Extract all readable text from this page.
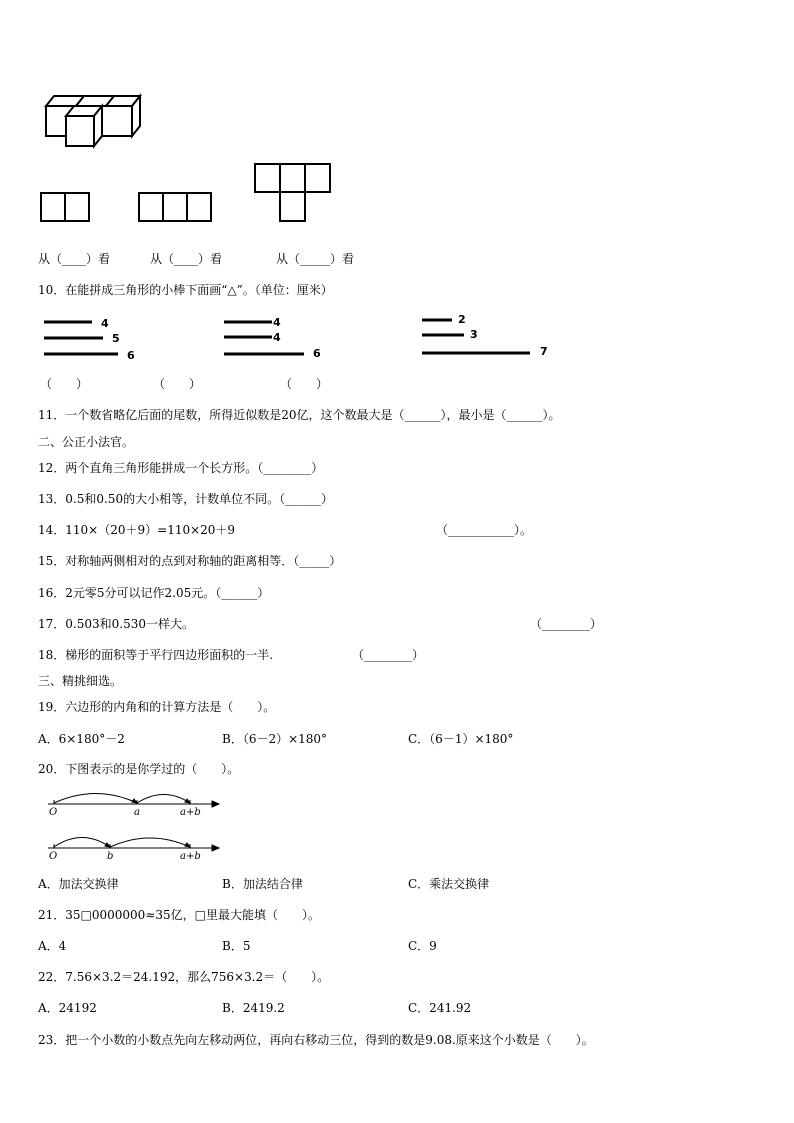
从（____）看	从（____）看	从（_____）看
10．在能拼成三角形的小棒下面画“△”。（单位：厘米）
4
5
6
4
4
6
2
3
7
（　　）	（　　）	（　　）
11．一个数省略亿后面的尾数，所得近似数是20亿，这个数最大是（______），最小是（______）。
二、公正小法官。
12．两个直角三角形能拼成一个长方形。（________）
13．0.5和0.50的大小相等，计数单位不同。（______）
14．110×（20＋9）=110×20＋9	（___________）。
15．对称轴两侧相对的点到对称轴的距离相等．（_____）
16．2元零5分可以记作2.05元。（______）
17．0.503和0.530一样大。	（________）
18．梯形的面积等于平行四边形面积的一半.	（________）
三、精挑细选。
19．六边形的内角和的计算方法是（　　）。
A．6×180°－2	B．（6－2）×180°	C．（6－1）×180°
20．下图表示的是你学过的（　　）。
O	a	a+b
O	b	a+b
A．加法交换律	B．加法结合律	C．乘法交换律
21．35□0000000≈35亿，□里最大能填（　　）。
A．4	B．5	C．9
22．7.56×3.2＝24.192，那么756×3.2＝（　　）。
A．24192	B．2419.2	C．241.92
23．把一个小数的小数点先向左移动两位，再向右移动三位，得到的数是9.08.原来这个小数是（　　）。
